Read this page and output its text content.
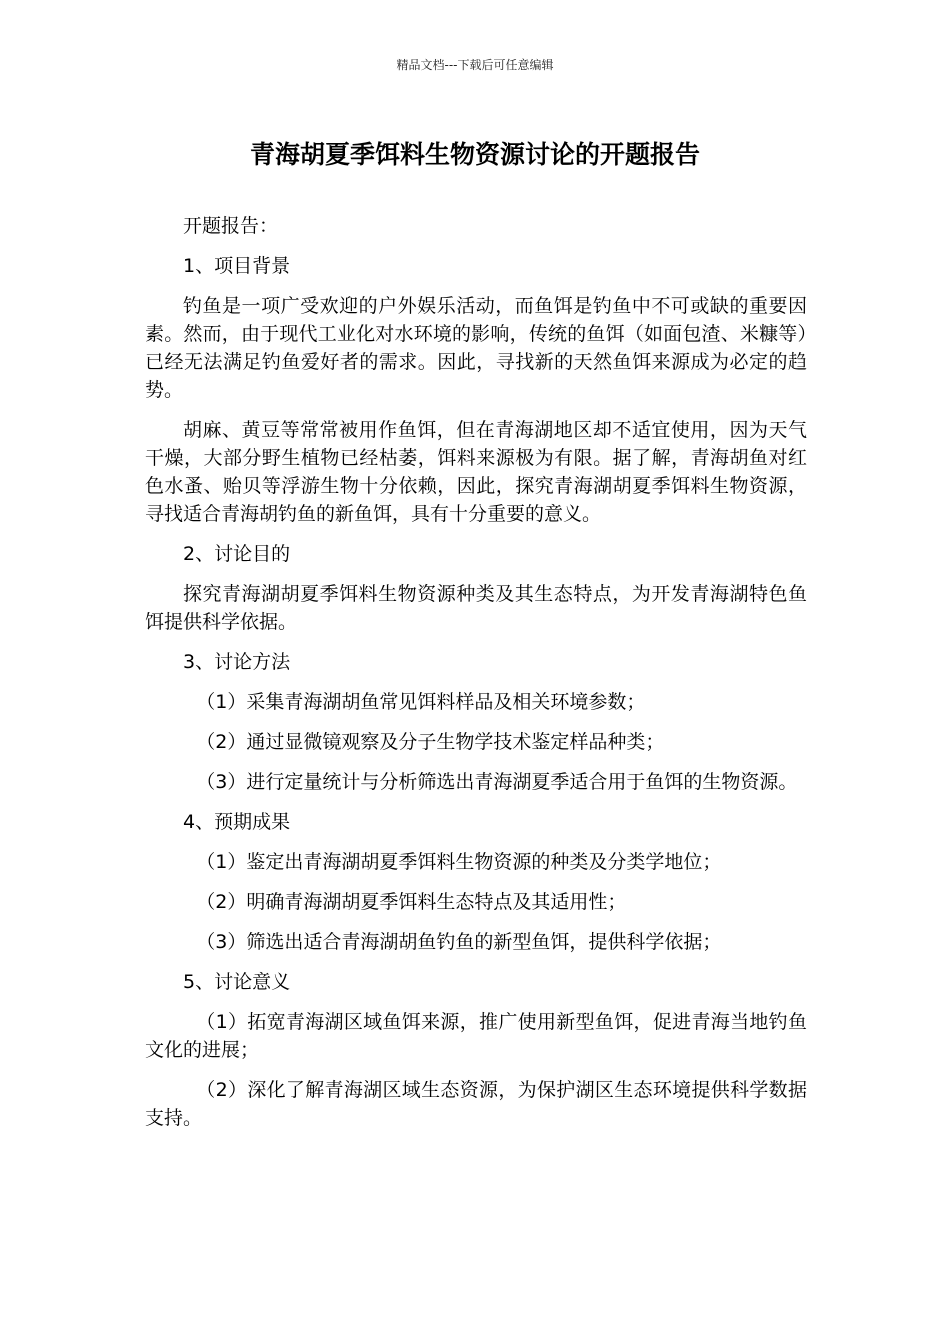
精品文档---下载后可任意编辑
青海胡夏季饵料生物资源讨论的开题报告

开题报告：

1、项目背景

钓鱼是一项广受欢迎的户外娱乐活动，而鱼饵是钓鱼中不可或缺的重要因素。然而，由于现代工业化对水环境的影响，传统的鱼饵（如面包渣、米糠等）已经无法满足钓鱼爱好者的需求。因此，寻找新的天然鱼饵来源成为必定的趋势。

胡麻、黄豆等常常被用作鱼饵，但在青海湖地区却不适宜使用，因为天气干燥，大部分野生植物已经枯萎，饵料来源极为有限。据了解，青海胡鱼对红色水蚤、贻贝等浮游生物十分依赖，因此，探究青海湖胡夏季饵料生物资源，寻找适合青海胡钓鱼的新鱼饵，具有十分重要的意义。

2、讨论目的

探究青海湖胡夏季饵料生物资源种类及其生态特点，为开发青海湖特色鱼饵提供科学依据。

3、讨论方法

（1）采集青海湖胡鱼常见饵料样品及相关环境参数；

（2）通过显微镜观察及分子生物学技术鉴定样品种类；

（3）进行定量统计与分析筛选出青海湖夏季适合用于鱼饵的生物资源。

4、预期成果

（1）鉴定出青海湖胡夏季饵料生物资源的种类及分类学地位；

（2）明确青海湖胡夏季饵料生态特点及其适用性；

（3）筛选出适合青海湖胡鱼钓鱼的新型鱼饵，提供科学依据；

5、讨论意义

（1）拓宽青海湖区域鱼饵来源，推广使用新型鱼饵，促进青海当地钓鱼文化的进展；

（2）深化了解青海湖区域生态资源，为保护湖区生态环境提供科学数据支持。
